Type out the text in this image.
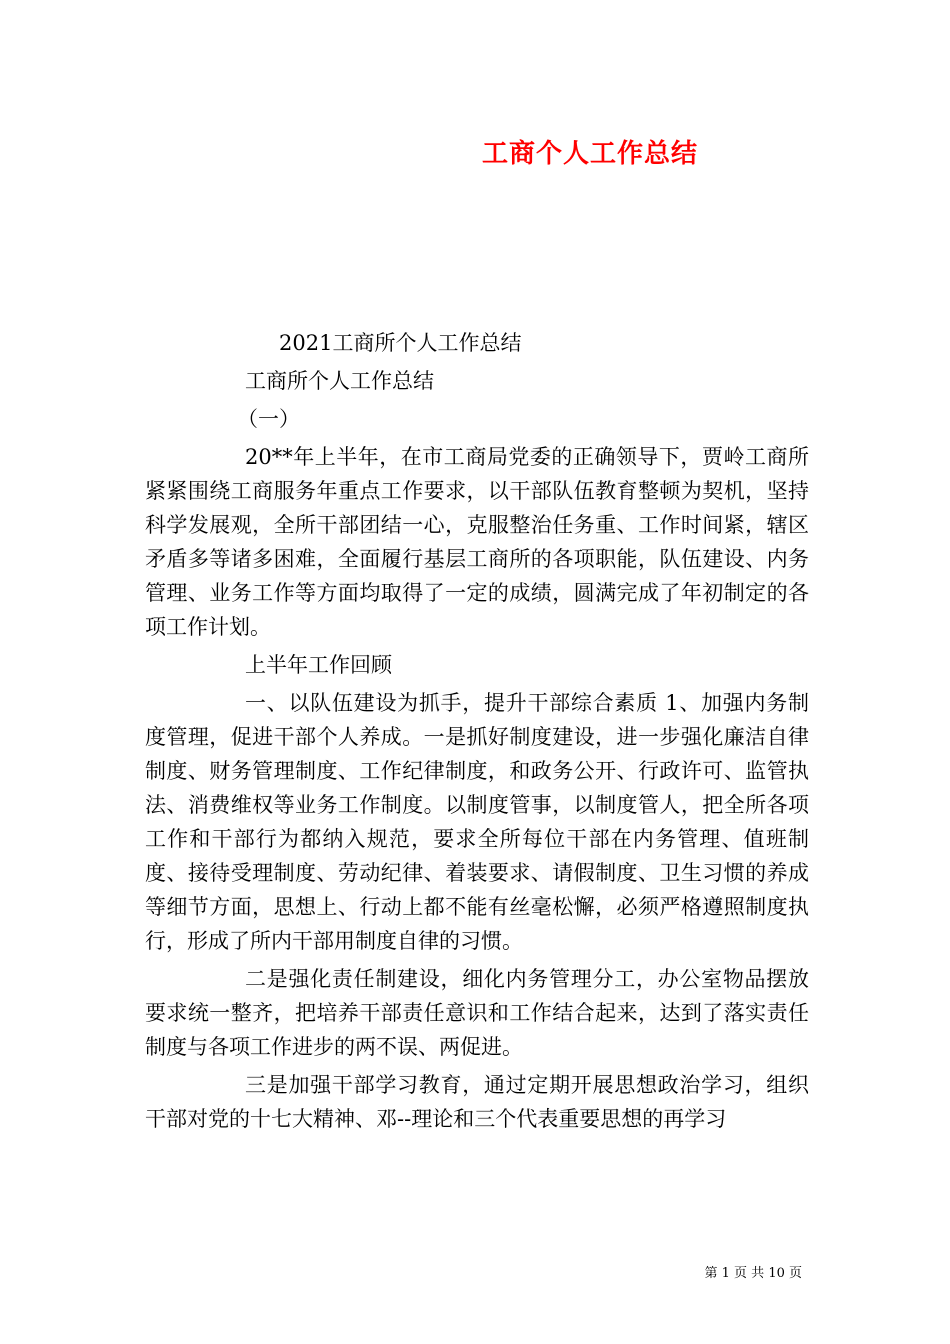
工商个人工作总结

2021工商所个人工作总结

工商所个人工作总结

（一）

20**年上半年，在市工商局党委的正确领导下，贾岭工商所紧紧围绕工商服务年重点工作要求，以干部队伍教育整顿为契机，坚持科学发展观，全所干部团结一心，克服整治任务重、工作时间紧，辖区矛盾多等诸多困难，全面履行基层工商所的各项职能，队伍建设、内务管理、业务工作等方面均取得了一定的成绩，圆满完成了年初制定的各项工作计划。

上半年工作回顾

一、以队伍建设为抓手，提升干部综合素质 1、加强内务制度管理，促进干部个人养成。一是抓好制度建设，进一步强化廉洁自律制度、财务管理制度、工作纪律制度，和政务公开、行政许可、监管执法、消费维权等业务工作制度。以制度管事，以制度管人，把全所各项工作和干部行为都纳入规范，要求全所每位干部在内务管理、值班制度、接待受理制度、劳动纪律、着装要求、请假制度、卫生习惯的养成等细节方面，思想上、行动上都不能有丝毫松懈，必须严格遵照制度执行，形成了所内干部用制度自律的习惯。

二是强化责任制建设，细化内务管理分工，办公室物品摆放要求统一整齐，把培养干部责任意识和工作结合起来，达到了落实责任制度与各项工作进步的两不误、两促进。

三是加强干部学习教育，通过定期开展思想政治学习，组织干部对党的十七大精神、邓--理论和三个代表重要思想的再学习

第 1 页 共 10 页
